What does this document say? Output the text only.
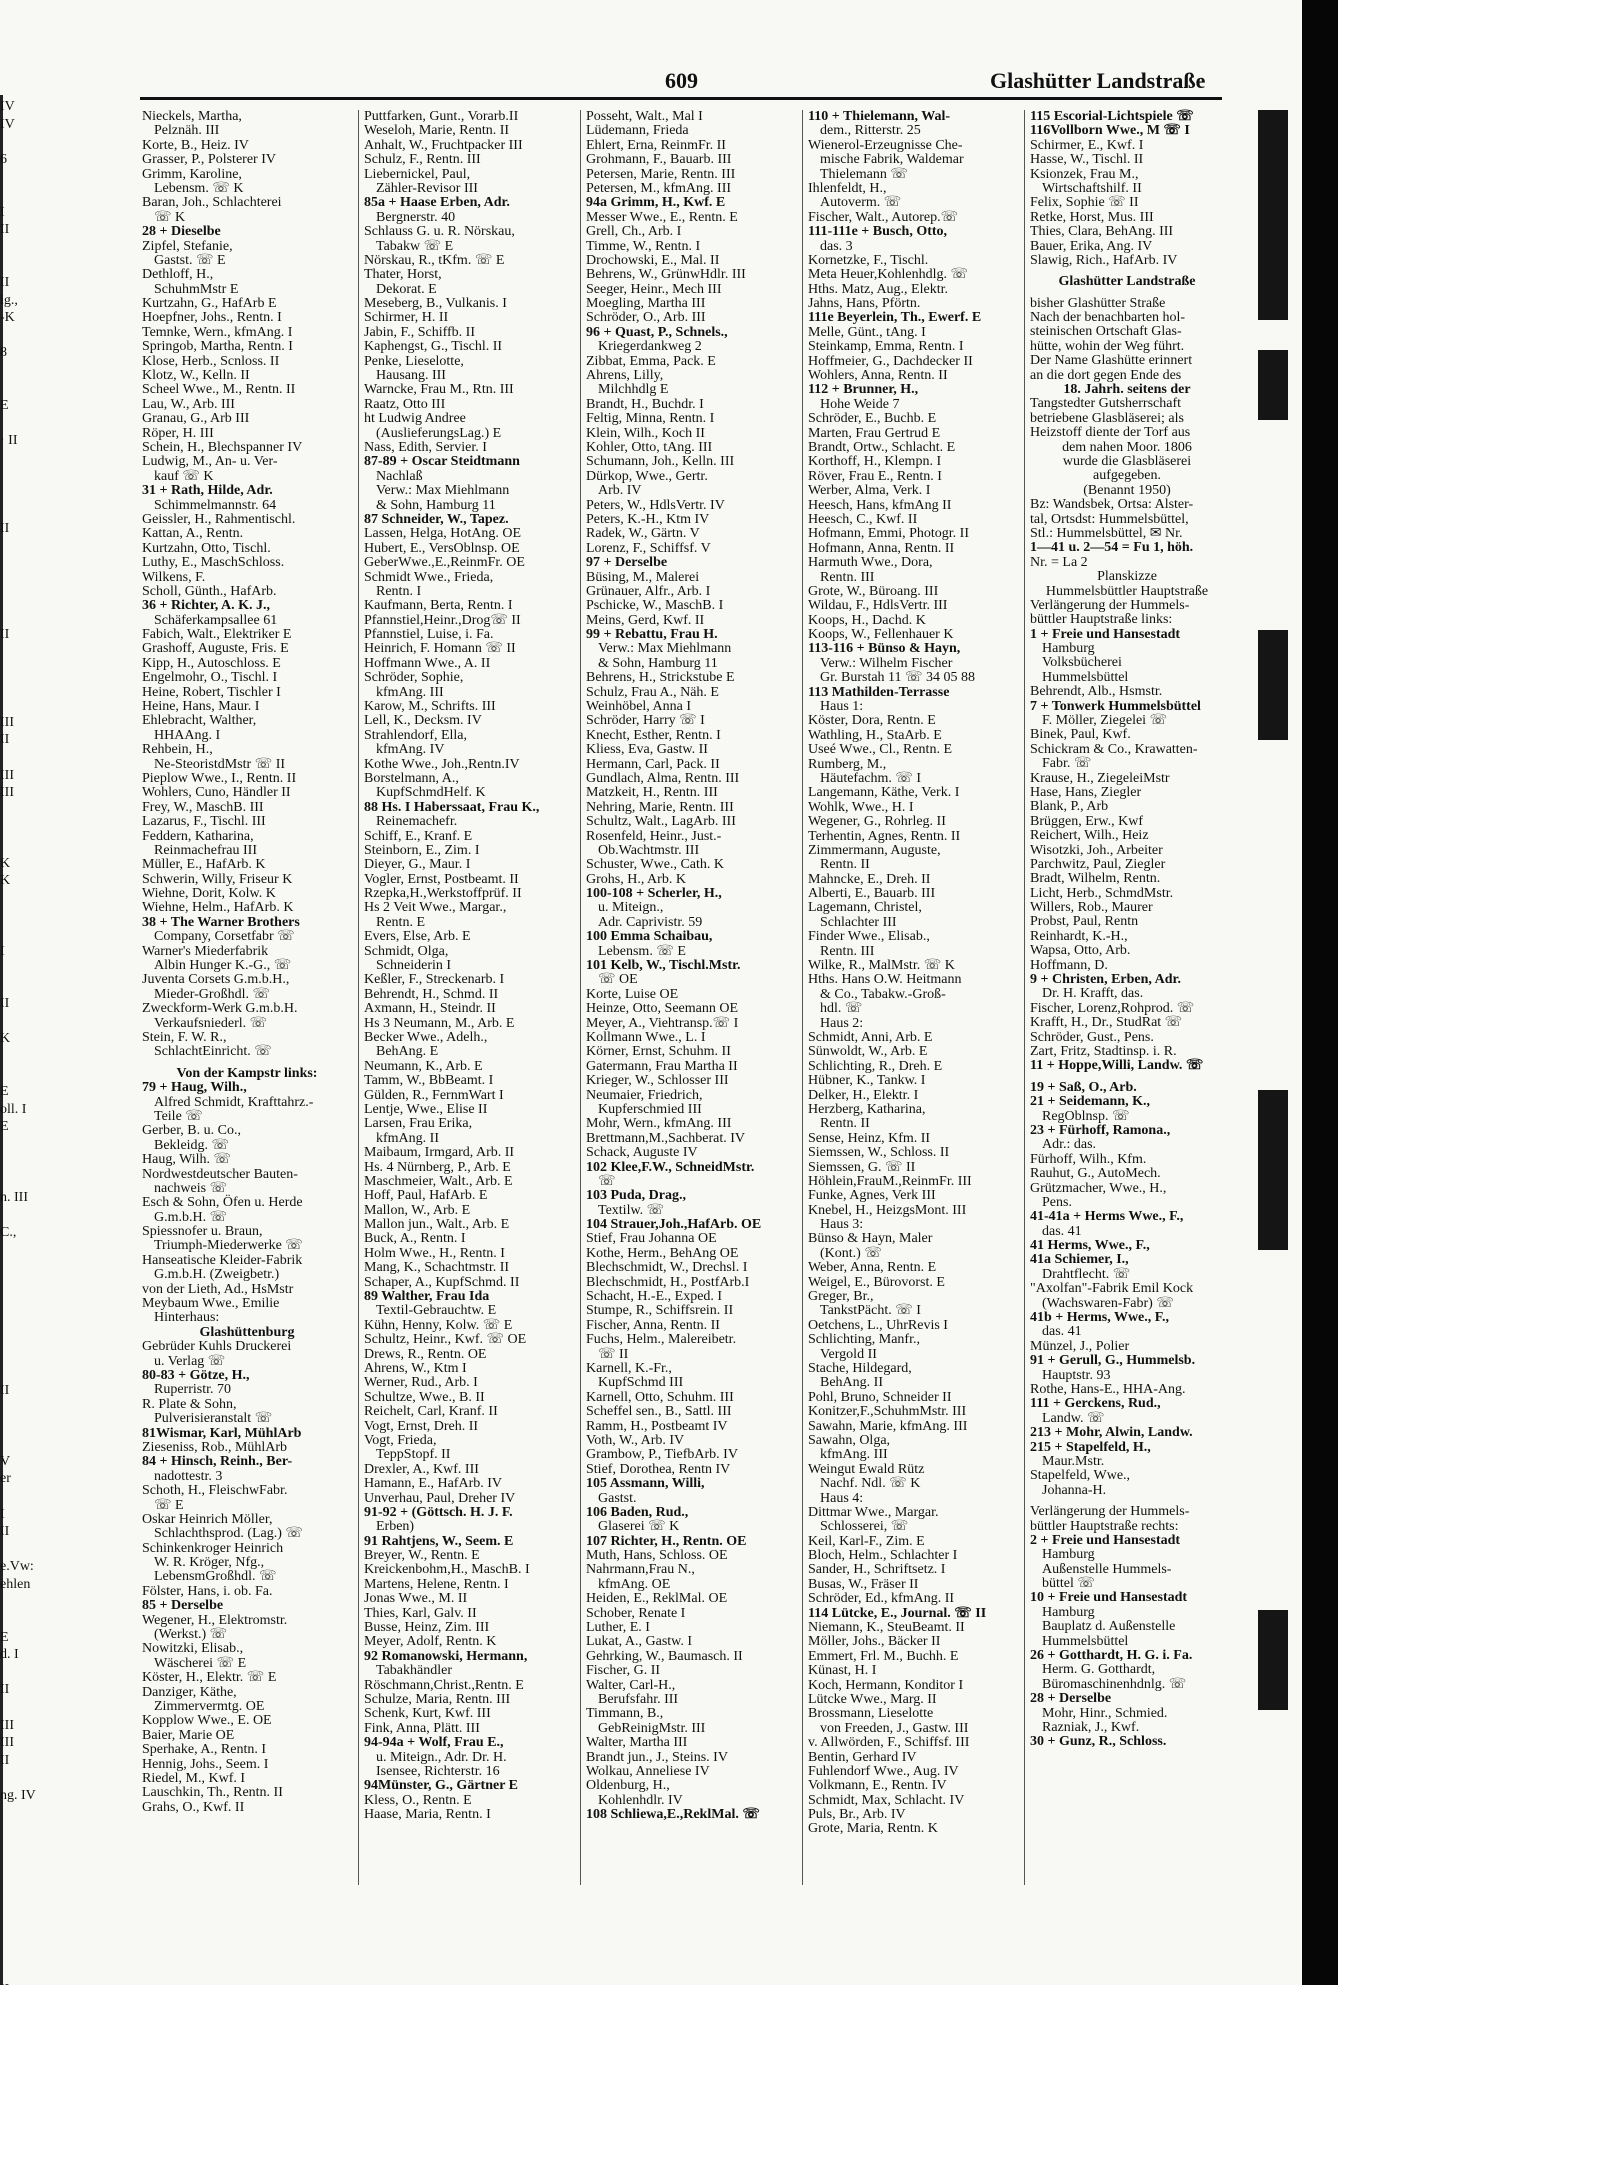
IV
IV
6
I
II
II
ig.,
-K
8
E
· II
II
II
III
II
III
III
K
K
I
II
K
E
oll. I
E
n. III
C.,
II
V
er
I
II
e.Vw:
ehlen
E
d. I
II
III
III
II
ng. IV
609	Glashütter Landstraße
Nieckels, Martha,
Pelznäh. III
Korte, B., Heiz. IV
Grasser, P., Polsterer IV
Grimm, Karoline,
Lebensm. ☏ K
Baran, Joh., Schlachterei
☏ K
28 + Dieselbe
Zipfel, Stefanie,
Gastst. ☏ E
Dethloff, H.,
SchuhmMstr E
Kurtzahn, G., HafArb E
Hoepfner, Johs., Rentn. I
Temnke, Wern., kfmAng. I
Springob, Martha, Rentn. I
Klose, Herb., Scnloss. II
Klotz, W., Kelln. II
Scheel Wwe., M., Rentn. II
Lau, W., Arb. III
Granau, G., Arb III
Röper, H. III
Schein, H., Blechspanner IV
Ludwig, M., An- u. Ver-
kauf ☏ K
31 + Rath, Hilde, Adr.
Schimmelmannstr. 64
Geissler, H., Rahmentischl.
Kattan, A., Rentn.
Kurtzahn, Otto, Tischl.
Luthy, E., MaschSchloss.
Wilkens, F.
Scholl, Günth., HafArb.
36 + Richter, A. K. J.,
Schäferkampsallee 61
Fabich, Walt., Elektriker E
Grashoff, Auguste, Fris. E
Kipp, H., Autoschloss. E
Engelmohr, O., Tischl. I
Heine, Robert, Tischler I
Heine, Hans, Maur. I
Ehlebracht, Walther,
HHAAng. I
Rehbein, H.,
Ne-SteoristdMstr ☏ II
Pieplow Wwe., I., Rentn. II
Wohlers, Cuno, Händler II
Frey, W., MaschB. III
Lazarus, F., Tischl. III
Feddern, Katharina,
Reinmachefrau III
Müller, E., HafArb. K
Schwerin, Willy, Friseur K
Wiehne, Dorit, Kolw. K
Wiehne, Helm., HafArb. K
38 + The Warner Brothers
Company, Corsetfabr ☏
Warner's Miederfabrik
Albin Hunger K.-G., ☏
Juventa Corsets G.m.b.H.,
Mieder-Großhdl. ☏
Zweckform-Werk G.m.b.H.
Verkaufsniederl. ☏
Stein, F. W. R.,
SchlachtEinricht. ☏
Von der Kampstr links:
79 + Haug, Wilh.,
Alfred Schmidt, Krafttahrz.-
Teile ☏
Gerber, B. u. Co.,
Bekleidg. ☏
Haug, Wilh. ☏
Nordwestdeutscher Bauten-
nachweis ☏
Esch & Sohn, Öfen u. Herde
G.m.b.H. ☏
Spiessnofer u. Braun,
Triumph-Miederwerke ☏
Hanseatische Kleider-Fabrik
G.m.b.H. (Zweigbetr.)
von der Lieth, Ad., HsMstr
Meybaum Wwe., Emilie
Hinterhaus:
Glashüttenburg
Gebrüder Kuhls Druckerei
u. Verlag ☏
80-83 + Götze, H.,
Ruperristr. 70
R. Plate & Sohn,
Pulverisieranstalt ☏
81Wismar, Karl, MühlArb
Zieseniss, Rob., MühlArb
84 + Hinsch, Reinh., Ber-
nadottestr. 3
Schoth, H., FleischwFabr.
☏ E
Oskar Heinrich Möller,
Schlachthsprod. (Lag.) ☏
Schinkenkroger Heinrich
W. R. Kröger, Nfg.,
LebensmGroßhdl. ☏
Fölster, Hans, i. ob. Fa.
85 + Derselbe
Wegener, H., Elektromstr.
(Werkst.) ☏
Nowitzki, Elisab.,
Wäscherei ☏ E
Köster, H., Elektr. ☏ E
Danziger, Käthe,
Zimmervermtg. OE
Kopplow Wwe., E. OE
Baier, Marie OE
Sperhake, A., Rentn. I
Hennig, Johs., Seem. I
Riedel, M., Kwf. I
Lauschkin, Th., Rentn. II
Grahs, O., Kwf. II
Puttfarken, Gunt., Vorarb.II
Weseloh, Marie, Rentn. II
Anhalt, W., Fruchtpacker III
Schulz, F., Rentn. III
Liebernickel, Paul,
Zähler-Revisor III
85a + Haase Erben, Adr.
Bergnerstr. 40
Schlauss G. u. R. Nörskau,
Tabakw ☏ E
Nörskau, R., tKfm. ☏ E
Thater, Horst,
Dekorat. E
Meseberg, B., Vulkanis. I
Schirmer, H. II
Jabin, F., Schiffb. II
Kaphengst, G., Tischl. II
Penke, Lieselotte,
Hausang. III
Warncke, Frau M., Rtn. III
Raatz, Otto III
ht Ludwig Andree
(AuslieferungsLag.) E
Nass, Edith, Servier. I
87-89 + Oscar Steidtmann
Nachlaß
Verw.: Max Miehlmann
& Sohn, Hamburg 11
87 Schneider, W., Tapez.
Lassen, Helga, HotAng. OE
Hubert, E., VersOblnsp. OE
GeberWwe.,E.,ReinmFr. OE
Schmidt Wwe., Frieda,
Rentn. I
Kaufmann, Berta, Rentn. I
Pfannstiel,Heinr.,Drog☏ II
Pfannstiel, Luise, i. Fa.
Heinrich, F. Homann ☏ II
Hoffmann Wwe., A. II
Schröder, Sophie,
kfmAng. III
Karow, M., Schrifts. III
Lell, K., Decksm. IV
Strahlendorf, Ella,
kfmAng. IV
Kothe Wwe., Joh.,Rentn.IV
Borstelmann, A.,
KupfSchmdHelf. K
88 Hs. I Haberssaat, Frau K.,
Reinemachefr.
Schiff, E., Kranf. E
Steinborn, E., Zim. I
Dieyer, G., Maur. I
Vogler, Ernst, Postbeamt. II
Rzepka,H.,Werkstoffprüf. II
Hs 2 Veit Wwe., Margar.,
Rentn. E
Evers, Else, Arb. E
Schmidt, Olga,
Schneiderin I
Keßler, F., Streckenarb. I
Behrendt, H., Schmd. II
Axmann, H., Steindr. II
Hs 3 Neumann, M., Arb. E
Becker Wwe., Adelh.,
BehAng. E
Neumann, K., Arb. E
Tamm, W., BbBeamt. I
Gülden, R., FernmWart I
Lentje, Wwe., Elise II
Larsen, Frau Erika,
kfmAng. II
Maibaum, Irmgard, Arb. II
Hs. 4 Nürnberg, P., Arb. E
Maschmeier, Walt., Arb. E
Hoff, Paul, HafArb. E
Mallon, W., Arb. E
Mallon jun., Walt., Arb. E
Buck, A., Rentn. I
Holm Wwe., H., Rentn. I
Mang, K., Schachtmstr. II
Schaper, A., KupfSchmd. II
89 Walther, Frau Ida
Textil-Gebrauchtw. E
Kühn, Henny, Kolw. ☏ E
Schultz, Heinr., Kwf. ☏ OE
Drews, R., Rentn. OE
Ahrens, W., Ktm I
Werner, Rud., Arb. I
Schultze, Wwe., B. II
Reichelt, Carl, Kranf. II
Vogt, Ernst, Dreh. II
Vogt, Frieda,
TeppStopf. II
Drexler, A., Kwf. III
Hamann, E., HafArb. IV
Unverhau, Paul, Dreher IV
91-92 + (Göttsch. H. J. F.
Erben)
91 Rahtjens, W., Seem. E
Breyer, W., Rentn. E
Kreickenbohm,H., MaschB. I
Martens, Helene, Rentn. I
Jonas Wwe., M. II
Thies, Karl, Galv. II
Busse, Heinz, Zim. III
Meyer, Adolf, Rentn. K
92 Romanowski, Hermann,
Tabakhändler
Röschmann,Christ.,Rentn. E
Schulze, Maria, Rentn. III
Schenk, Kurt, Kwf. III
Fink, Anna, Plätt. III
94-94a + Wolf, Frau E.,
u. Miteign., Adr. Dr. H.
Isensee, Richterstr. 16
94Münster, G., Gärtner E
Kless, O., Rentn. E
Haase, Maria, Rentn. I
Posseht, Walt., Mal I
Lüdemann, Frieda
Ehlert, Erna, ReinmFr. II
Grohmann, F., Bauarb. III
Petersen, Marie, Rentn. III
Petersen, M., kfmAng. III
94a Grimm, H., Kwf. E
Messer Wwe., E., Rentn. E
Grell, Ch., Arb. I
Timme, W., Rentn. I
Drochowski, E., Mal. II
Behrens, W., GrünwHdlr. III
Seeger, Heinr., Mech III
Moegling, Martha III
Schröder, O., Arb. III
96 + Quast, P., Schnels.,
Kriegerdankweg 2
Zibbat, Emma, Pack. E
Ahrens, Lilly,
Milchhdlg E
Brandt, H., Buchdr. I
Feltig, Minna, Rentn. I
Klein, Wilh., Koch II
Kohler, Otto, tAng. III
Schumann, Joh., Kelln. III
Dürkop, Wwe., Gertr.
Arb. IV
Peters, W., HdlsVertr. IV
Peters, K.-H., Ktm IV
Radek, W., Gärtn. V
Lorenz, F., Schiffsf. V
97 + Derselbe
Büsing, M., Malerei
Grünauer, Alfr., Arb. I
Pschicke, W., MaschB. I
Meins, Gerd, Kwf. II
99 + Rebattu, Frau H.
Verw.: Max Miehlmann
& Sohn, Hamburg 11
Behrens, H., Strickstube E
Schulz, Frau A., Näh. E
Weinhöbel, Anna I
Schröder, Harry ☏ I
Knecht, Esther, Rentn. I
Kliess, Eva, Gastw. II
Hermann, Carl, Pack. II
Gundlach, Alma, Rentn. III
Matzkeit, H., Rentn. III
Nehring, Marie, Rentn. III
Schultz, Walt., LagArb. III
Rosenfeld, Heinr., Just.-
Ob.Wachtmstr. III
Schuster, Wwe., Cath. K
Grohs, H., Arb. K
100-108 + Scherler, H.,
u. Miteign.,
Adr. Caprivistr. 59
100 Emma Schaibau,
Lebensm. ☏ E
101 Kelb, W., Tischl.Mstr.
☏ OE
Korte, Luise OE
Heinze, Otto, Seemann OE
Meyer, A., Viehtransp.☏ I
Kollmann Wwe., L. I
Körner, Ernst, Schuhm. II
Gatermann, Frau Martha II
Krieger, W., Schlosser III
Neumaier, Friedrich,
Kupferschmied III
Mohr, Wern., kfmAng. III
Brettmann,M.,Sachberat. IV
Schack, Auguste IV
102 Klee,F.W., SchneidMstr.
☏
103 Puda, Drag.,
Textilw. ☏
104 Strauer,Joh.,HafArb. OE
Stief, Frau Johanna OE
Kothe, Herm., BehAng OE
Blechschmidt, W., Drechsl. I
Blechschmidt, H., PostfArb.I
Schacht, H.-E., Exped. I
Stumpe, R., Schiffsrein. II
Fischer, Anna, Rentn. II
Fuchs, Helm., Malereibetr.
☏ II
Karnell, K.-Fr.,
KupfSchmd III
Karnell, Otto, Schuhm. III
Scheffel sen., B., Sattl. III
Ramm, H., Postbeamt IV
Voth, W., Arb. IV
Grambow, P., TiefbArb. IV
Stief, Dorothea, Rentn IV
105 Assmann, Willi,
Gastst.
106 Baden, Rud.,
Glaserei ☏ K
107 Richter, H., Rentn. OE
Muth, Hans, Schloss. OE
Nahrmann,Frau N.,
kfmAng. OE
Heiden, E., ReklMal. OE
Schober, Renate I
Luther, E. I
Lukat, A., Gastw. I
Gehrking, W., Baumasch. II
Fischer, G. II
Walter, Carl-H.,
Berufsfahr. III
Timmann, B.,
GebReinigMstr. III
Walter, Martha III
Brandt jun., J., Steins. IV
Wolkau, Anneliese IV
Oldenburg, H.,
Kohlenhdlr. IV
108 Schliewa,E.,ReklMal. ☏
110 + Thielemann, Wal-
dem., Ritterstr. 25
Wienerol-Erzeugnisse Che-
mische Fabrik, Waldemar
Thielemann ☏
Ihlenfeldt, H.,
Autoverm. ☏
Fischer, Walt., Autorep.☏
111-111e + Busch, Otto,
das. 3
Kornetzke, F., Tischl.
Meta Heuer,Kohlenhdlg. ☏
Hths. Matz, Aug., Elektr.
Jahns, Hans, Pförtn.
111e Beyerlein, Th., Ewerf. E
Melle, Günt., tAng. I
Steinkamp, Emma, Rentn. I
Hoffmeier, G., Dachdecker II
Wohlers, Anna, Rentn. II
112 + Brunner, H.,
Hohe Weide 7
Schröder, E., Buchb. E
Marten, Frau Gertrud E
Brandt, Ortw., Schlacht. E
Korthoff, H., Klempn. I
Röver, Frau E., Rentn. I
Werber, Alma, Verk. I
Heesch, Hans, kfmAng II
Heesch, C., Kwf. II
Hofmann, Emmi, Photogr. II
Hofmann, Anna, Rentn. II
Harmuth Wwe., Dora,
Rentn. III
Grote, W., Büroang. III
Wildau, F., HdlsVertr. III
Koops, H., Dachd. K
Koops, W., Fellenhauer K
113-116 + Bünso & Hayn,
Verw.: Wilhelm Fischer
Gr. Burstah 11 ☏ 34 05 88
113 Mathilden-Terrasse
Haus 1:
Köster, Dora, Rentn. E
Wathling, H., StaArb. E
Useé Wwe., Cl., Rentn. E
Rumberg, M.,
Häutefachm. ☏ I
Langemann, Käthe, Verk. I
Wohlk, Wwe., H. I
Wegener, G., Rohrleg. II
Terhentin, Agnes, Rentn. II
Zimmermann, Auguste,
Rentn. II
Mahncke, E., Dreh. II
Alberti, E., Bauarb. III
Lagemann, Christel,
Schlachter III
Finder Wwe., Elisab.,
Rentn. III
Wilke, R., MalMstr. ☏ K
Hths. Hans O.W. Heitmann
& Co., Tabakw.-Groß-
hdl. ☏
Haus 2:
Schmidt, Anni, Arb. E
Sünwoldt, W., Arb. E
Schlichting, R., Dreh. E
Hübner, K., Tankw. I
Delker, H., Elektr. I
Herzberg, Katharina,
Rentn. II
Sense, Heinz, Kfm. II
Siemssen, W., Schloss. II
Siemssen, G. ☏ II
Höhlein,FrauM.,ReinmFr. III
Funke, Agnes, Verk III
Knebel, H., HeizgsMont. III
Haus 3:
Bünso & Hayn, Maler
(Kont.) ☏
Weber, Anna, Rentn. E
Weigel, E., Bürovorst. E
Greger, Br.,
TankstPächt. ☏ I
Oetchens, L., UhrRevis I
Schlichting, Manfr.,
Vergold II
Stache, Hildegard,
BehAng. II
Pohl, Bruno, Schneider II
Konitzer,F.,SchuhmMstr. III
Sawahn, Marie, kfmAng. III
Sawahn, Olga,
kfmAng. III
Weingut Ewald Rütz
Nachf. Ndl. ☏ K
Haus 4:
Dittmar Wwe., Margar.
Schlosserei, ☏
Keil, Karl-F., Zim. E
Bloch, Helm., Schlachter I
Sander, H., Schriftsetz. I
Busas, W., Fräser II
Schröder, Ed., kfmAng. II
114 Lütcke, E., Journal. ☏ II
Niemann, K., SteuBeamt. II
Möller, Johs., Bäcker II
Emmert, Frl. M., Buchh. E
Künast, H. I
Koch, Hermann, Konditor I
Lütcke Wwe., Marg. II
Brossmann, Lieselotte
von Freeden, J., Gastw. III
v. Allwörden, F., Schiffsf. III
Bentin, Gerhard IV
Fuhlendorf Wwe., Aug. IV
Volkmann, E., Rentn. IV
Schmidt, Max, Schlacht. IV
Puls, Br., Arb. IV
Grote, Maria, Rentn. K
115 Escorial-Lichtspiele ☏
116Vollborn Wwe., M ☏ I
Schirmer, E., Kwf. I
Hasse, W., Tischl. II
Ksionzek, Frau M.,
Wirtschaftshilf. II
Felix, Sophie ☏ II
Retke, Horst, Mus. III
Thies, Clara, BehAng. III
Bauer, Erika, Ang. IV
Slawig, Rich., HafArb. IV
Glashütter Landstraße
bisher Glashütter Straße
Nach der benachbarten hol-
steinischen Ortschaft Glas-
hütte, wohin der Weg führt.
Der Name Glashütte erinnert
an die dort gegen Ende des
18. Jahrh. seitens der
Tangstedter Gutsherrschaft
betriebene Glasbläserei; als
Heizstoff diente der Torf aus
dem nahen Moor. 1806
wurde die Glasbläserei
aufgegeben.
(Benannt 1950)
Bz: Wandsbek, Ortsa: Alster-
tal, Ortsdst: Hummelsbüttel,
Stl.: Hummelsbüttel, ✉ Nr.
1—41 u. 2—54 = Fu 1, höh.
Nr. = La 2
Planskizze
Hummelsbüttler Hauptstraße
Verlängerung der Hummels-
büttler Hauptstraße links:
1 + Freie und Hansestadt
Hamburg
Volksbücherei
Hummelsbüttel
Behrendt, Alb., Hsmstr.
7 + Tonwerk Hummelsbüttel
F. Möller, Ziegelei ☏
Binek, Paul, Kwf.
Schickram & Co., Krawatten-
Fabr. ☏
Krause, H., ZiegeleiMstr
Hase, Hans, Ziegler
Blank, P., Arb
Brüggen, Erw., Kwf
Reichert, Wilh., Heiz
Wisotzki, Joh., Arbeiter
Parchwitz, Paul, Ziegler
Bradt, Wilhelm, Rentn.
Licht, Herb., SchmdMstr.
Willers, Rob., Maurer
Probst, Paul, Rentn
Reinhardt, K.-H.,
Wapsa, Otto, Arb.
Hoffmann, D.
9 + Christen, Erben, Adr.
Dr. H. Krafft, das.
Fischer, Lorenz,Rohprod. ☏
Krafft, H., Dr., StudRat ☏
Schröder, Gust., Pens.
Zart, Fritz, Stadtinsp. i. R.
11 + Hoppe,Willi, Landw. ☏
19 + Saß, O., Arb.
21 + Seidemann, K.,
RegOblnsp. ☏
23 + Fürhoff, Ramona.,
Adr.: das.
Fürhoff, Wilh., Kfm.
Rauhut, G., AutoMech.
Grützmacher, Wwe., H.,
Pens.
41-41a + Herms Wwe., F.,
das. 41
41 Herms, Wwe., F.,
41a Schiemer, I.,
Drahtflecht. ☏
"Axolfan"-Fabrik Emil Kock
(Wachswaren-Fabr) ☏
41b + Herms, Wwe., F.,
das. 41
Münzel, J., Polier
91 + Gerull, G., Hummelsb.
Hauptstr. 93
Rothe, Hans-E., HHA-Ang.
111 + Gerckens, Rud.,
Landw. ☏
213 + Mohr, Alwin, Landw.
215 + Stapelfeld, H.,
Maur.Mstr.
Stapelfeld, Wwe.,
Johanna-H.
Verlängerung der Hummels-
büttler Hauptstraße rechts:
2 + Freie und Hansestadt
Hamburg
Außenstelle Hummels-
büttel ☏
10 + Freie und Hansestadt
Hamburg
Bauplatz d. Außenstelle
Hummelsbüttel
26 + Gotthardt, H. G. i. Fa.
Herm. G. Gotthardt,
Büromaschinenhdnlg. ☏
28 + Derselbe
Mohr, Hinr., Schmied.
Razniak, J., Kwf.
30 + Gunz, R., Schloss.
